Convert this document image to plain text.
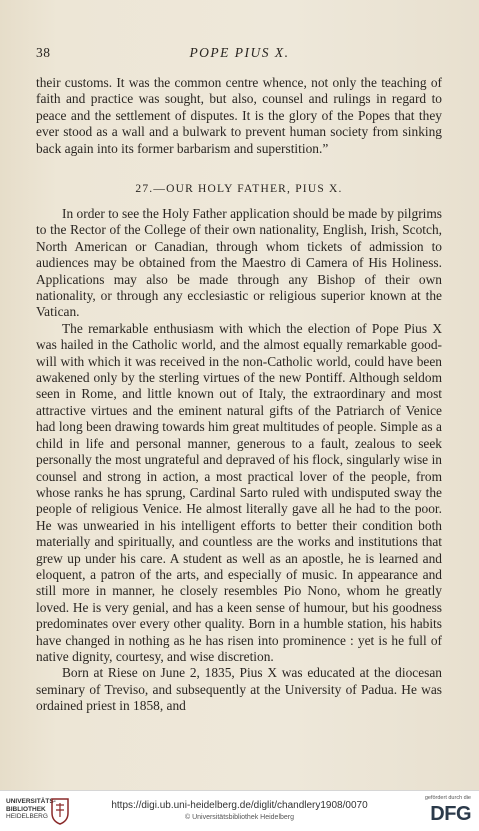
38	POPE PIUS X.

their customs. It was the common centre whence, not only the teaching of faith and practice was sought, but also, counsel and rulings in regard to peace and the settlement of disputes. It is the glory of the Popes that they ever stood as a wall and a bulwark to prevent human society from sinking back again into its former barbarism and superstition.”

27.—OUR HOLY FATHER, PIUS X.

In order to see the Holy Father application should be made by pilgrims to the Rector of the College of their own nationality, English, Irish, Scotch, North American or Canadian, through whom tickets of admission to audiences may be obtained from the Maestro di Camera of His Holiness. Applications may also be made through any Bishop of their own nationality, or through any ecclesiastic or religious superior known at the Vatican.

The remarkable enthusiasm with which the election of Pope Pius X was hailed in the Catholic world, and the almost equally remarkable good-will with which it was received in the non-Catholic world, could have been awakened only by the sterling virtues of the new Pontiff. Although seldom seen in Rome, and little known out of Italy, the extraordinary and most attractive virtues and the eminent natural gifts of the Patriarch of Venice had long been drawing towards him great multitudes of people. Simple as a child in life and personal manner, generous to a fault, zealous to seek personally the most ungrateful and depraved of his flock, singularly wise in counsel and strong in action, a most practical lover of the people, from whose ranks he has sprung, Cardinal Sarto ruled with undisputed sway the people of religious Venice. He almost literally gave all he had to the poor. He was unwearied in his intelligent efforts to better their condition both materially and spiritually, and countless are the works and institutions that grew up under his care. A student as well as an apostle, he is learned and eloquent, a patron of the arts, and especially of music. In appearance and still more in manner, he closely resembles Pio Nono, whom he greatly loved. He is very genial, and has a keen sense of humour, but his goodness predominates over every other quality. Born in a humble station, his habits have changed in nothing as he has risen into prominence : yet is he full of native dignity, courtesy, and wise discretion.

Born at Riese on June 2, 1835, Pius X was educated at the diocesan seminary of Treviso, and subsequently at the University of Padua. He was ordained priest in 1858, and

UNIVERSITÄTS-
BIBLIOTHEK
HEIDELBERG
https://digi.ub.uni-heidelberg.de/diglit/chandlery1908/0070
© Universitätsbibliothek Heidelberg
gefördert durch die
DFG
